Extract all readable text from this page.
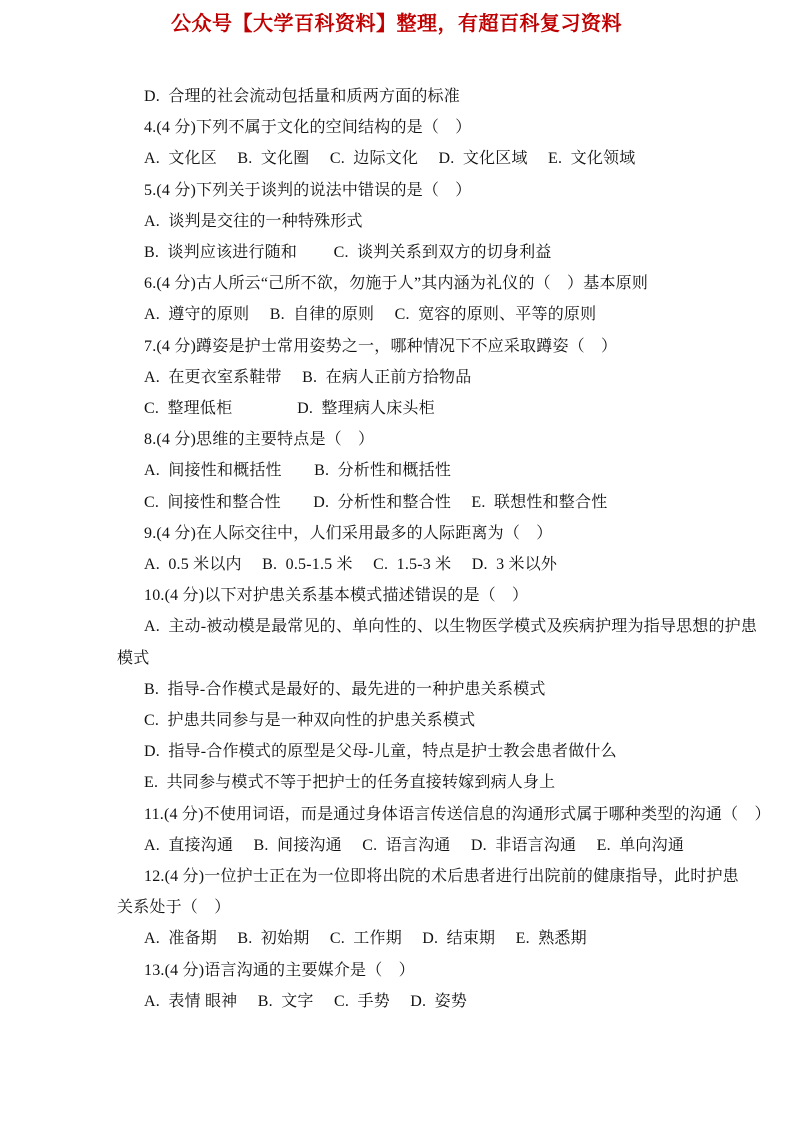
公众号【大学百科资料】整理，有超百科复习资料

D.  合理的社会流动包括量和质两方面的标准

4.(4 分)下列不属于文化的空间结构的是（　）

A.  文化区　 B.  文化圈　 C.  边际文化　 D.  文化区域　 E.  文化领域

5.(4 分)下列关于谈判的说法中错误的是（　）

A.  谈判是交往的一种特殊形式

B.  谈判应该进行随和　　 C.  谈判关系到双方的切身利益

6.(4 分)古人所云“己所不欲，勿施于人”其内涵为礼仪的（　）基本原则

A.  遵守的原则　 B.  自律的原则　 C.  宽容的原则、平等的原则

7.(4 分)蹲姿是护士常用姿势之一，哪种情况下不应采取蹲姿（　）

A.  在更衣室系鞋带　 B.  在病人正前方拾物品

C.  整理低柜　　　　D.  整理病人床头柜

8.(4 分)思维的主要特点是（　）

A.  间接性和概括性　　B.  分析性和概括性

C.  间接性和整合性　　D.  分析性和整合性　 E.  联想性和整合性

9.(4 分)在人际交往中，人们采用最多的人际距离为（　）

A.  0.5 米以内　 B.  0.5-1.5 米　 C.  1.5-3 米　 D.  3 米以外

10.(4 分)以下对护患关系基本模式描述错误的是（　）

A.  主动-被动模是最常见的、单向性的、以生物医学模式及疾病护理为指导思想的护患

模式

B.  指导-合作模式是最好的、最先进的一种护患关系模式

C.  护患共同参与是一种双向性的护患关系模式

D.  指导-合作模式的原型是父母-儿童，特点是护士教会患者做什么

E.  共同参与模式不等于把护士的任务直接转嫁到病人身上

11.(4 分)不使用词语，而是通过身体语言传送信息的沟通形式属于哪种类型的沟通（　）

A.  直接沟通　 B.  间接沟通　 C.  语言沟通　 D.  非语言沟通　 E.  单向沟通

12.(4 分)一位护士正在为一位即将出院的术后患者进行出院前的健康指导，此时护患

关系处于（　）

A.  准备期　 B.  初始期　 C.  工作期　 D.  结束期　 E.  熟悉期

13.(4 分)语言沟通的主要媒介是（　）

A.  表情 眼神　 B.  文字　 C.  手势　 D.  姿势
